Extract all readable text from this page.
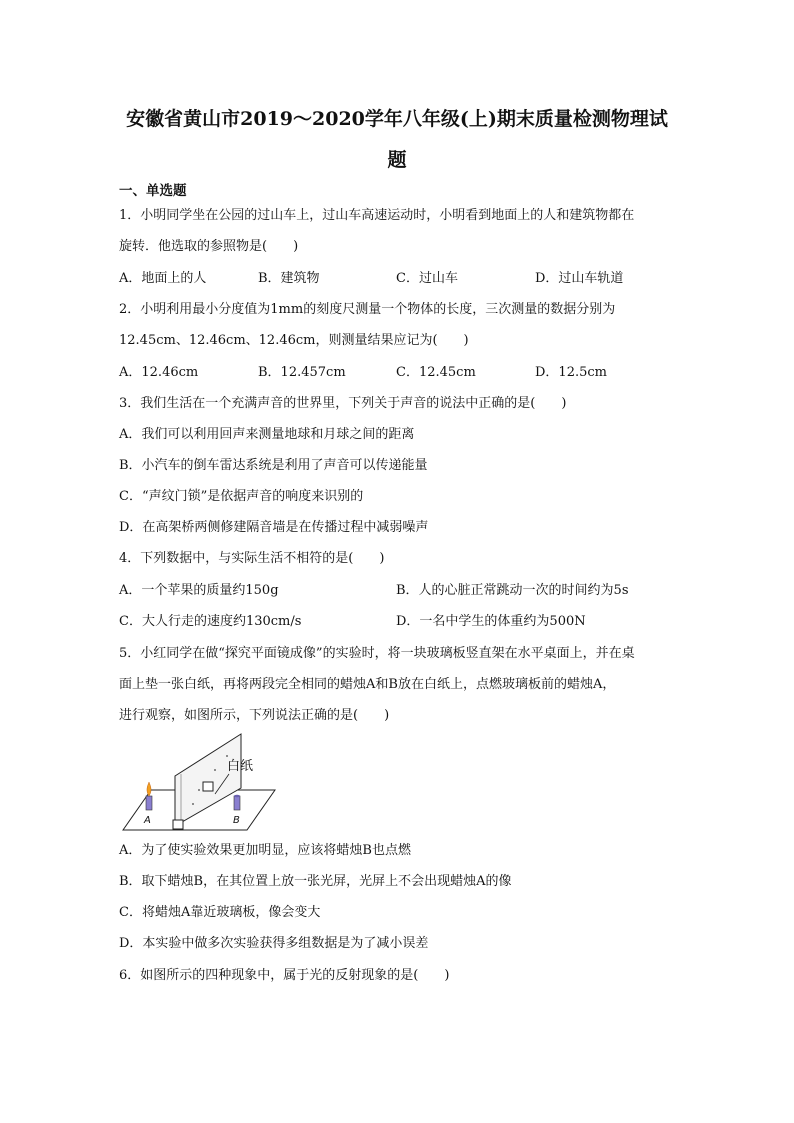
安徽省黄山市2019～2020学年八年级(上)期末质量检测物理试
题
一、单选题
1．小明同学坐在公园的过山车上，过山车高速运动时，小明看到地面上的人和建筑物都在
旋转．他选取的参照物是(　　)
A．地面上的人	B．建筑物	C．过山车	D．过山车轨道
2．小明利用最小分度值为1mm的刻度尺测量一个物体的长度，三次测量的数据分别为
12.45cm、12.46cm、12.46cm，则测量结果应记为(　　)
A．12.46cm	B．12.457cm	C．12.45cm	D．12.5cm
3．我们生活在一个充满声音的世界里，下列关于声音的说法中正确的是(　　)
A．我们可以利用回声来测量地球和月球之间的距离
B．小汽车的倒车雷达系统是利用了声音可以传递能量
C．“声纹门锁”是依据声音的响度来识别的
D．在高架桥两侧修建隔音墙是在传播过程中减弱噪声
4．下列数据中，与实际生活不相符的是(　　)
A．一个苹果的质量约150g	B．人的心脏正常跳动一次的时间约为5s
C．大人行走的速度约130cm/s	D．一名中学生的体重约为500N
5．小红同学在做“探究平面镜成像”的实验时，将一块玻璃板竖直架在水平桌面上，并在桌
面上垫一张白纸，再将两段完全相同的蜡烛A和B放在白纸上，点燃玻璃板前的蜡烛A，
进行观察，如图所示，下列说法正确的是(　　)
白纸
A	B
A．为了使实验效果更加明显，应该将蜡烛B也点燃
B．取下蜡烛B，在其位置上放一张光屏，光屏上不会出现蜡烛A的像
C．将蜡烛A靠近玻璃板，像会变大
D．本实验中做多次实验获得多组数据是为了减小误差
6．如图所示的四种现象中，属于光的反射现象的是(　　)
